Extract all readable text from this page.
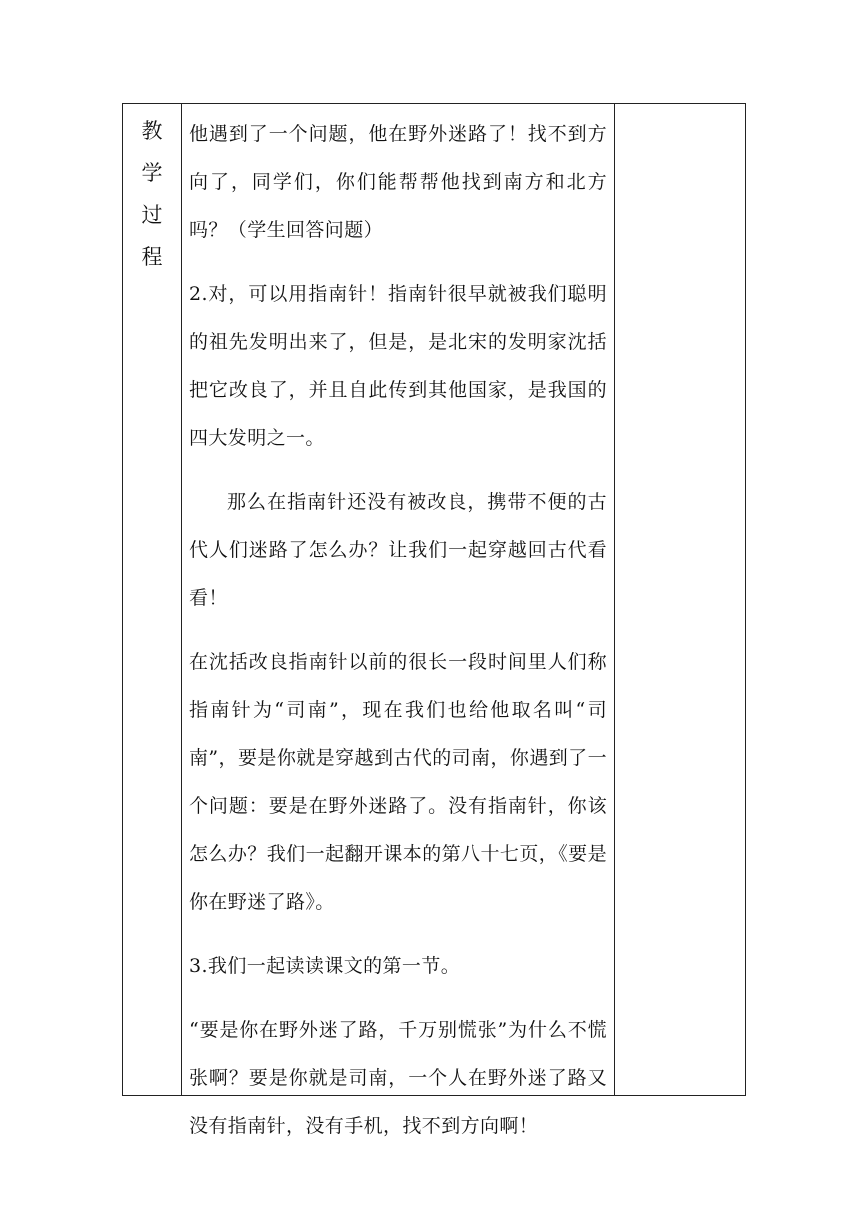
教
学
过
程

他遇到了一个问题，他在野外迷路了！找不到方向了，同学们，你们能帮帮他找到南方和北方吗？（学生回答问题）

2.对，可以用指南针！指南针很早就被我们聪明的祖先发明出来了，但是，是北宋的发明家沈括把它改良了，并且自此传到其他国家，是我国的四大发明之一。

那么在指南针还没有被改良，携带不便的古代人们迷路了怎么办？让我们一起穿越回古代看看！

在沈括改良指南针以前的很长一段时间里人们称指南针为“司南”，现在我们也给他取名叫“司南”，要是你就是穿越到古代的司南，你遇到了一个问题：要是在野外迷路了。没有指南针，你该怎么办？我们一起翻开课本的第八十七页，《要是你在野迷了路》。

3.我们一起读读课文的第一节。

“要是你在野外迷了路，千万别慌张”为什么不慌张啊？要是你就是司南，一个人在野外迷了路又没有指南针，没有手机，找不到方向啊！
